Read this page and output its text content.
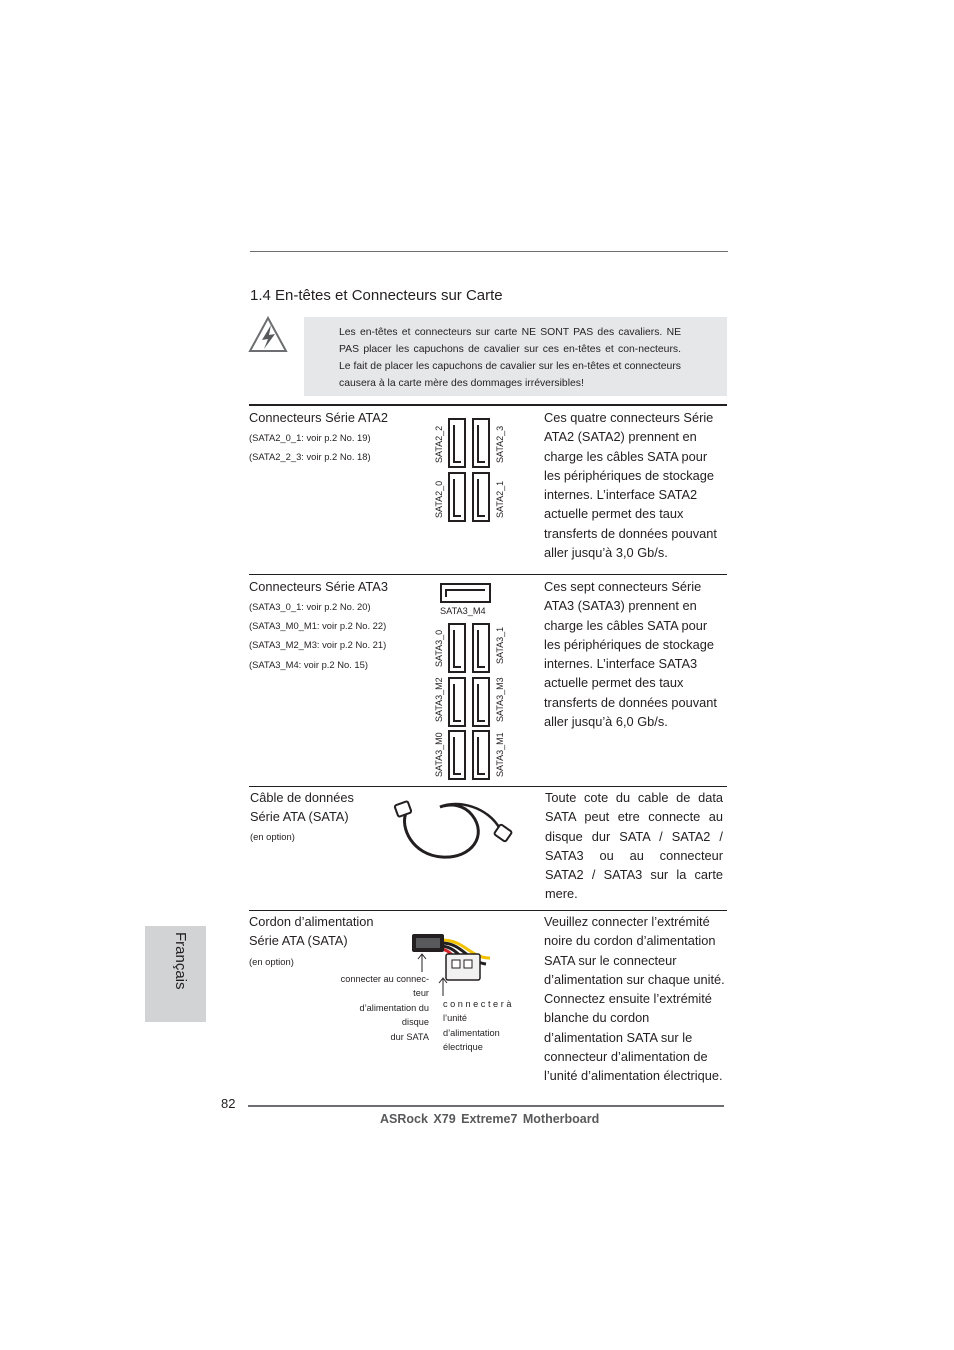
1.4 En-têtes et Connecteurs sur Carte
Les en-têtes et connecteurs sur carte NE SONT PAS des cavaliers. NE PAS placer les capuchons de cavalier sur ces en-têtes et con-necteurs. Le fait de placer les capuchons de cavalier sur les en-têtes et connecteurs causera à la carte mère des dommages irréversibles!
Connecteurs Série ATA2
(SATA2_0_1: voir p.2 No. 19)
(SATA2_2_3: voir p.2 No. 18)	SATA2_2	SATA2_3
SATA2_0	SATA2_1
Ces quatre connecteurs Série ATA2 (SATA2) prennent en charge les câbles SATA pour les périphériques de stockage internes. L’interface SATA2 actuelle permet des taux transferts de données pouvant aller jusqu’à 3,0 Gb/s.
Connecteurs Série ATA3
(SATA3_0_1: voir p.2 No. 20)
(SATA3_M0_M1: voir p.2 No. 22)
(SATA3_M2_M3: voir p.2 No. 21)
(SATA3_M4: voir p.2 No. 15)
SATA3_M4
SATA3_0	SATA3_1
SATA3_M2	SATA3_M3
SATA3_M0	SATA3_M1
Ces sept connecteurs Série ATA3 (SATA3) prennent en charge les câbles SATA pour les périphériques de stockage internes. L’interface SATA3 actuelle permet des taux transferts de données pouvant aller jusqu’à 6,0 Gb/s.
Câble de données
Série ATA (SATA)
(en option)
Toute cote du cable de data SATA peut etre connecte au disque dur SATA / SATA2 / SATA3 ou au connecteur SATA2 / SATA3 sur la carte mere.
Cordon d’alimentation
Série ATA (SATA)
(en option)
connecter au connec-
teur
d’alimentation du
disque
dur SATA
c o n n e c t e r à
l’unité
d’alimentation
électrique
Veuillez connecter l’extrémité noire du cordon d’alimentation SATA sur le connecteur d’alimentation sur chaque unité. Connectez ensuite l’extrémité blanche du cordon d’alimentation SATA sur le connecteur d’alimentation de l’unité d’alimentation électrique.
Français
82
ASRock X79 Extreme7 Motherboard
